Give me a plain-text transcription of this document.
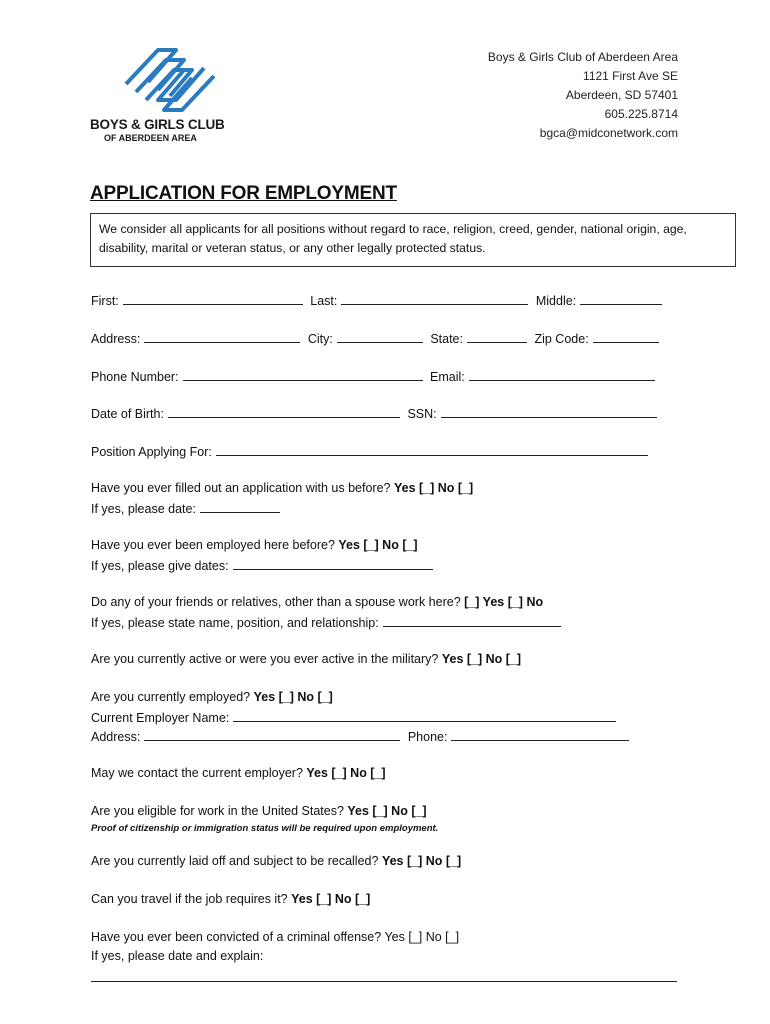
BOYS & GIRLS CLUB
OF ABERDEEN AREA
Boys & Girls Club of Aberdeen Area
1121 First Ave SE
Aberdeen, SD 57401
605.225.8714
bgca@midconetwork.com
APPLICATION FOR EMPLOYMENT
We consider all applicants for all positions without regard to race, religion, creed, gender, national origin, age, disability, marital or veteran status, or any other legally protected status.
First:	Last:	Middle:
Address:	City:	State:	Zip Code:
Phone Number:	Email:
Date of Birth:	SSN:
Position Applying For:
Have you ever filled out an application with us before? Yes [_] No [_]
If yes, please date:
Have you ever been employed here before? Yes [_] No [_]
If yes, please give dates:
Do any of your friends or relatives, other than a spouse work here? [_] Yes [_] No
If yes, please state name, position, and relationship:
Are you currently active or were you ever active in the military? Yes [_] No [_]
Are you currently employed? Yes [_] No [_]
Current Employer Name:
Address:	Phone:
May we contact the current employer? Yes [_] No [_]
Are you eligible for work in the United States? Yes [_] No [_]
Proof of citizenship or immigration status will be required upon employment.
Are you currently laid off and subject to be recalled? Yes [_] No [_]
Can you travel if the job requires it? Yes [_] No [_]
Have you ever been convicted of a criminal offense? Yes [_] No [_]
If yes, please date and explain:
